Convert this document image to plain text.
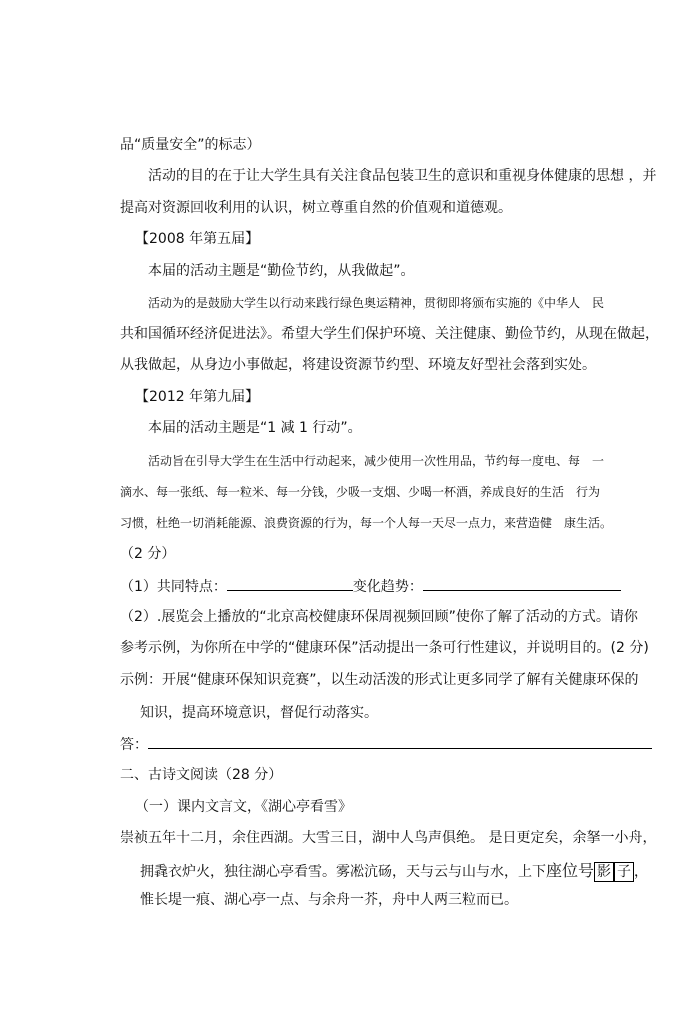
品“质量安全”的标志）
活动的目的在于让大学生具有关注食品包装卫生的意识和重视身体健康的思想 ，并
提高对资源回收利用的认识，树立尊重自然的价值观和道德观。
【2008 年第五届】
本届的活动主题是“勤俭节约，从我做起”。
活动为的是鼓励大学生以行动来践行绿色奥运精神，贯彻即将颁布实施的《中华人　民
共和国循环经济促进法》。希望大学生们保护环境、关注健康、勤俭节约，从现在做起，
从我做起，从身边小事做起，将建设资源节约型、环境友好型社会落到实处。
【2012 年第九届】
本届的活动主题是“1 减 1 行动”。
活动旨在引导大学生在生活中行动起来，减少使用一次性用品，节约每一度电、每　一
滴水、每一张纸、每一粒米、每一分钱，少吸一支烟、少喝一杯酒，养成良好的生活　行为
习惯，杜绝一切消耗能源、浪费资源的行为，每一个人每一天尽一点力，来营造健　康生活。
（2 分）
（1）共同特点：	变化趋势：
（2）.展览会上播放的“北京高校健康环保周视频回顾”使你了解了活动的方式。请你
参考示例，为你所在中学的“健康环保”活动提出一条可行性建议，并说明目的。(2 分)
示例：开展“健康环保知识竞赛”，以生动活泼的形式让更多同学了解有关健康环保的
知识，提高环境意识，督促行动落实。
答：
二、古诗文阅读（28 分）
（一）课内文言文，《湖心亭看雪》
崇祯五年十二月，余住西湖。大雪三日，湖中人鸟声俱绝。 是日更定矣，余拏一小舟，
拥毳衣炉火，独往湖心亭看雪。雾凇沆砀，天与云与山与水，上下座位号 影 子 ，
惟长堤一痕、湖心亭一点、与余舟一芥，舟中人两三粒而已。
